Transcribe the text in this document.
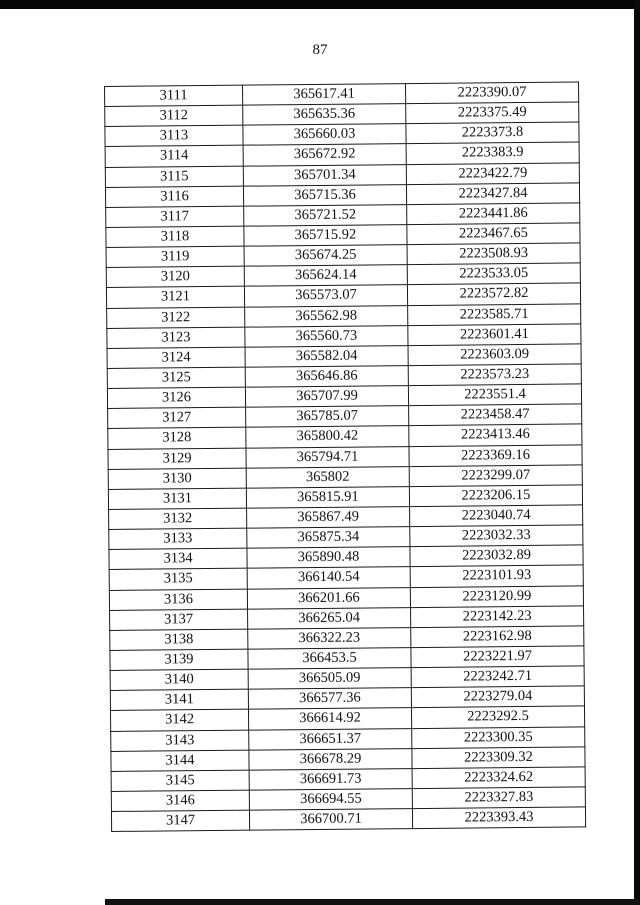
87
3111	365617.41	2223390.07
3112	365635.36	2223375.49
3113	365660.03	2223373.8
3114	365672.92	2223383.9
3115	365701.34	2223422.79
3116	365715.36	2223427.84
3117	365721.52	2223441.86
3118	365715.92	2223467.65
3119	365674.25	2223508.93
3120	365624.14	2223533.05
3121	365573.07	2223572.82
3122	365562.98	2223585.71
3123	365560.73	2223601.41
3124	365582.04	2223603.09
3125	365646.86	2223573.23
3126	365707.99	2223551.4
3127	365785.07	2223458.47
3128	365800.42	2223413.46
3129	365794.71	2223369.16
3130	365802	2223299.07
3131	365815.91	2223206.15
3132	365867.49	2223040.74
3133	365875.34	2223032.33
3134	365890.48	2223032.89
3135	366140.54	2223101.93
3136	366201.66	2223120.99
3137	366265.04	2223142.23
3138	366322.23	2223162.98
3139	366453.5	2223221.97
3140	366505.09	2223242.71
3141	366577.36	2223279.04
3142	366614.92	2223292.5
3143	366651.37	2223300.35
3144	366678.29	2223309.32
3145	366691.73	2223324.62
3146	366694.55	2223327.83
3147	366700.71	2223393.43
